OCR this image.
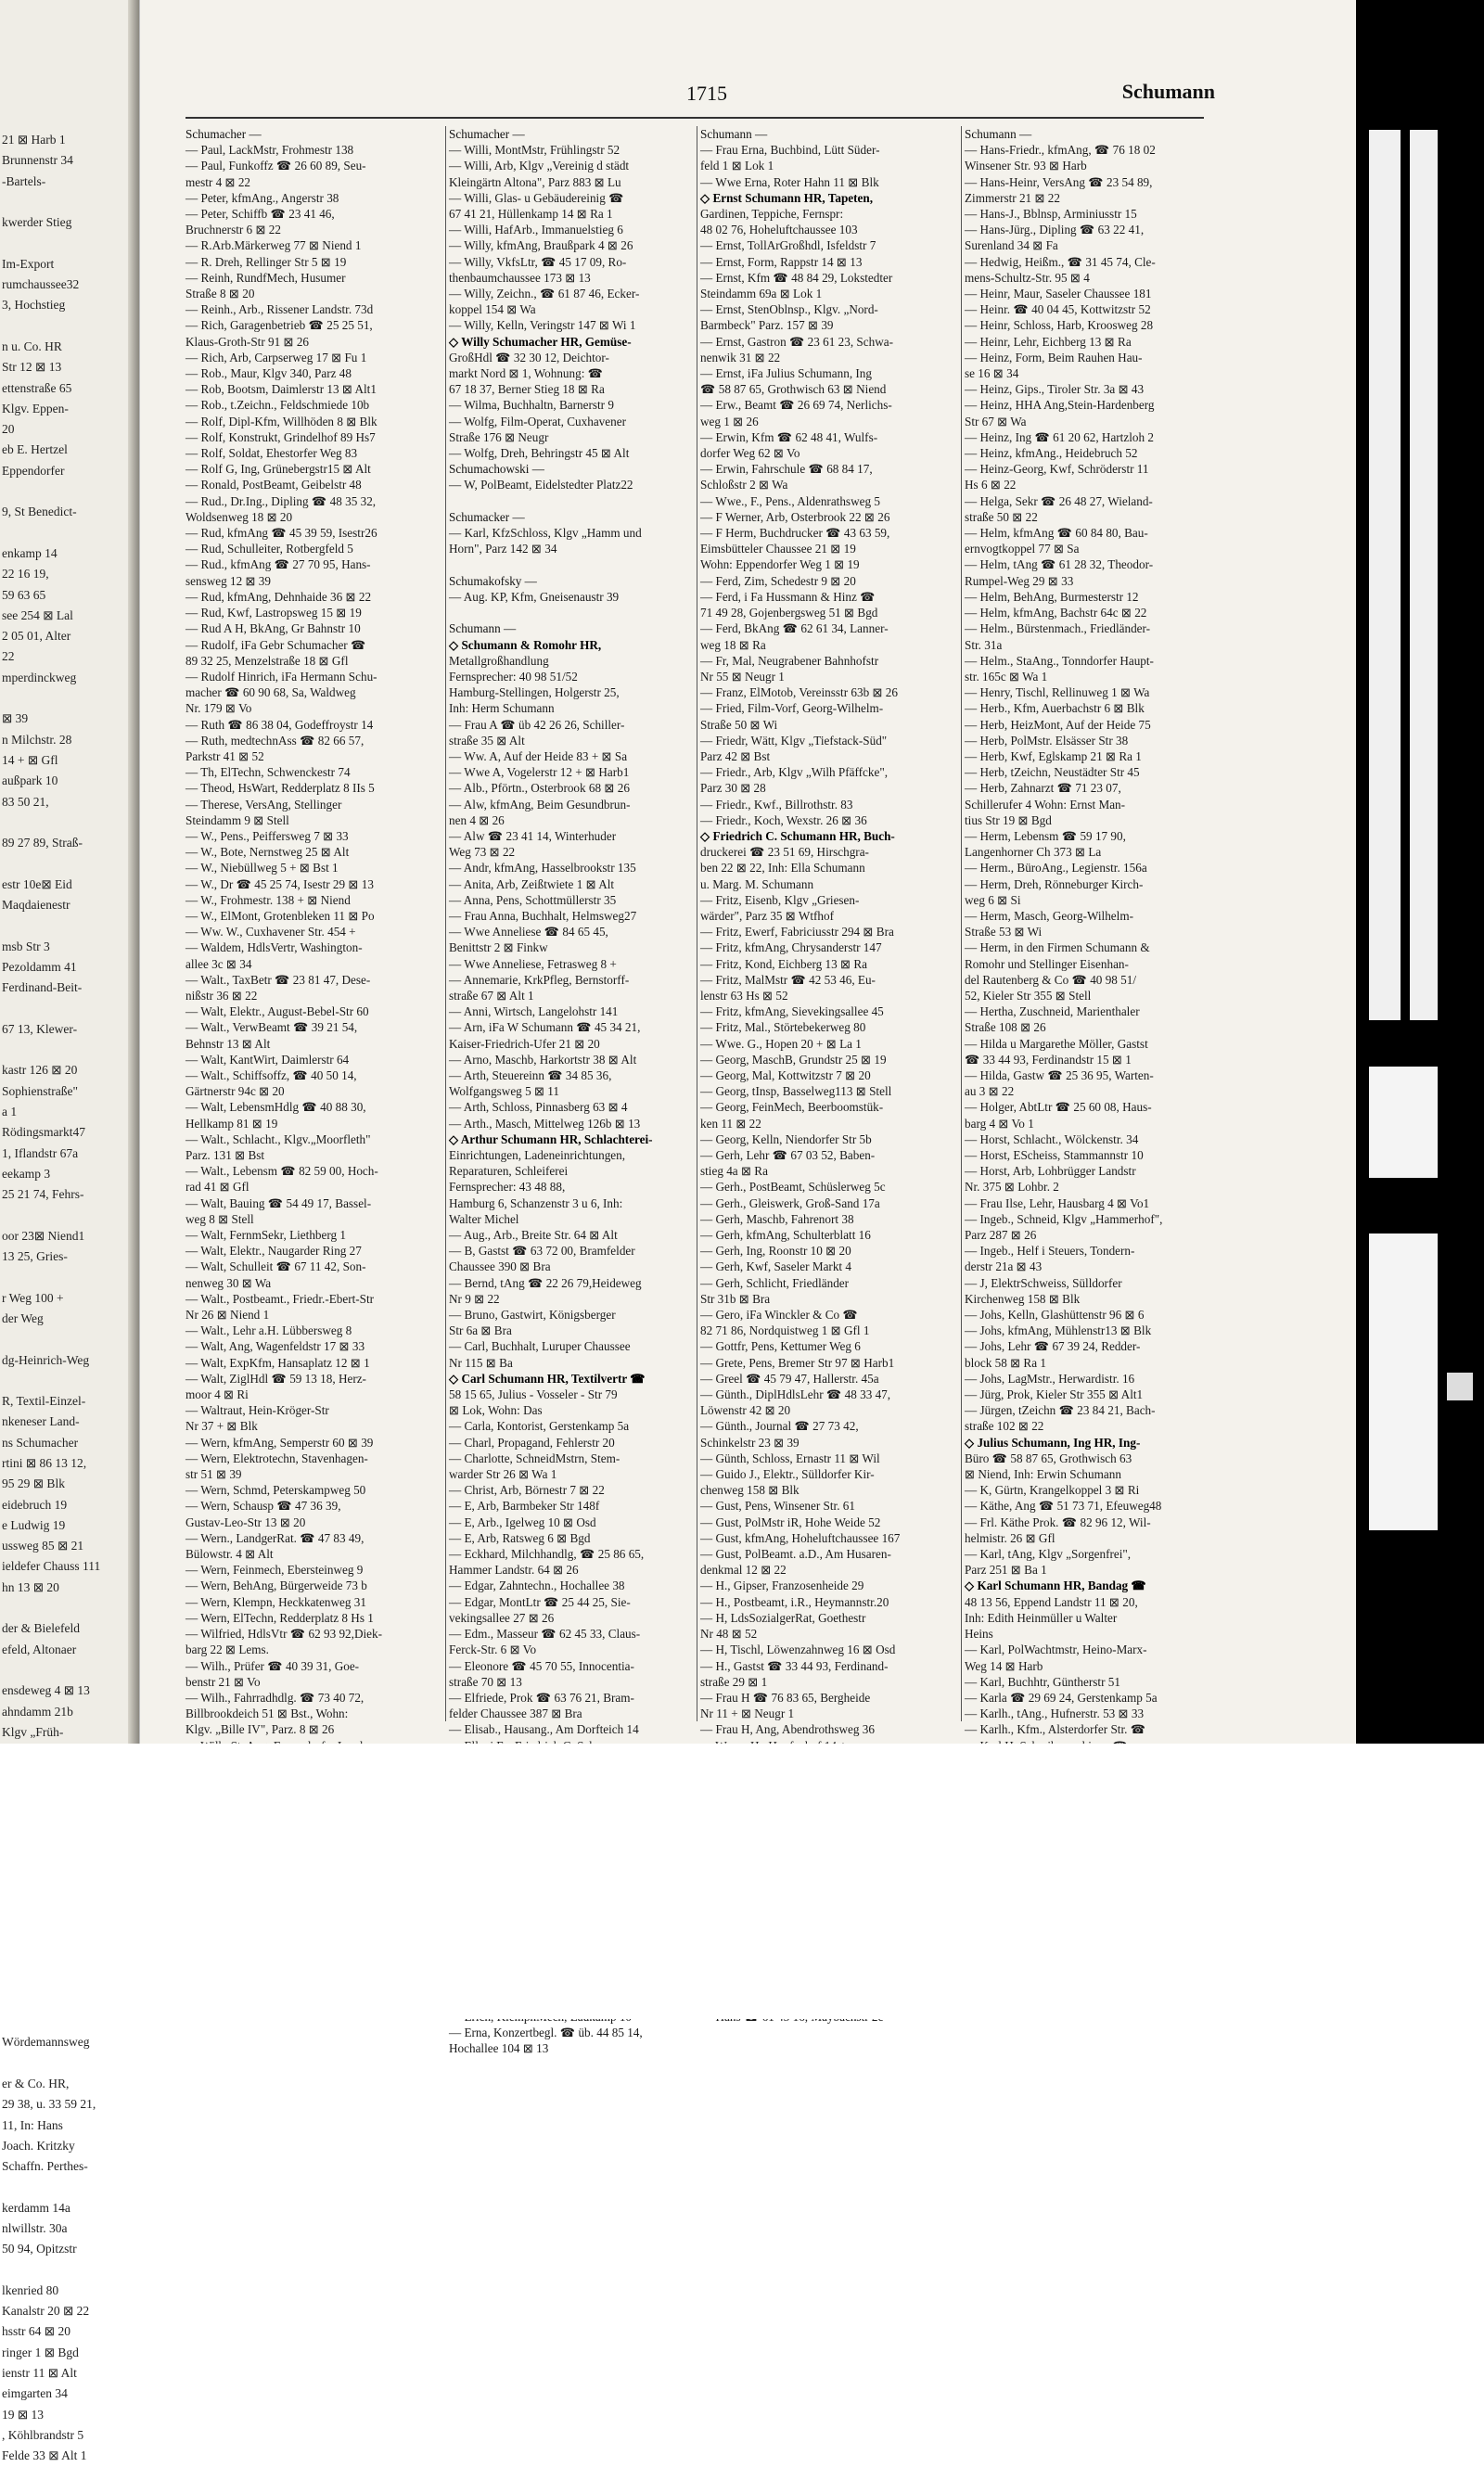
21 ⊠ Harb 1
Brunnenstr 34
-Bartels-

kwerder Stieg

Im-Export
rumchaussee32
3, Hochstieg

n u. Co. HR
Str 12 ⊠ 13
ettenstraße 65
Klgv. Eppen-
20
eb E. Hertzel
Eppendorfer

9, St Benedict-

enkamp 14
22 16 19,
59 63 65
see 254 ⊠ Lal
2 05 01, Alter
22
mperdinckweg

⊠ 39
n Milchstr. 28
14 + ⊠ Gfl
außpark 10
83 50 21,

89 27 89, Straß-

estr 10e⊠ Eid
Maqdaienestr

msb Str 3
Pezoldamm 41
Ferdinand-Beit-

67 13, Klewer-

kastr 126 ⊠ 20
Sophienstraße"
a 1
Rödingsmarkt47
1, Iflandstr 67a
eekamp 3
25 21 74, Fehrs-

oor 23⊠ Niend1
13 25, Gries-

r Weg 100 +
der Weg

dg-Heinrich-Weg

R, Textil-Einzel-
nkeneser Land-
ns Schumacher
rtini ⊠ 86 13 12,
95 29 ⊠ Blk
eidebruch 19
e Ludwig 19
ussweg 85 ⊠ 21
ieldefer Chauss 111
hn 13 ⊠ 20

der & Bielefeld
efeld, Altonaer

ensdeweg 4 ⊠ 13
ahndamm 21b
Klgv „Früh-

Wördemannsweg

er & Co. HR,
29 38, u. 33 59 21,
11, In: Hans
Joach. Kritzky
Schaffn. Perthes-

kerdamm 14a
nlwillstr. 30a
50 94, Opitzstr

lkenried 80
Kanalstr 20 ⊠ 22
hsstr 64 ⊠ 20
ringer 1 ⊠ Bgd
ienstr 11 ⊠ Alt
eimgarten 34
19 ⊠ 13
, Köhlbrandstr 5
Felde 33 ⊠ Alt 1
1715	Schumann
Schumacher —
— Paul, LackMstr, Frohmestr 138
— Paul, Funkoffz ☎ 26 60 89, Seu-
mestr 4 ⊠ 22
— Peter, kfmAng., Angerstr 38
— Peter, Schiffb ☎ 23 41 46,
Bruchnerstr 6 ⊠ 22
— R.Arb.Märkerweg 77 ⊠ Niend 1
— R. Dreh, Rellinger Str 5 ⊠ 19
— Reinh, RundfMech, Husumer
Straße 8 ⊠ 20
— Reinh., Arb., Rissener Landstr. 73d
— Rich, Garagenbetrieb ☎ 25 25 51,
Klaus-Groth-Str 91 ⊠ 26
— Rich, Arb, Carpserweg 17 ⊠ Fu 1
— Rob., Maur, Klgv 340, Parz 48
— Rob, Bootsm, Daimlerstr 13 ⊠ Alt1
— Rob., t.Zeichn., Feldschmiede 10b
— Rolf, Dipl-Kfm, Willhöden 8 ⊠ Blk
— Rolf, Konstrukt, Grindelhof 89 Hs7
— Rolf, Soldat, Ehestorfer Weg 83
— Rolf G, Ing, Grünebergstr15 ⊠ Alt
— Ronald, PostBeamt, Geibelstr 48
— Rud., Dr.Ing., Dipling ☎ 48 35 32,
Woldsenweg 18 ⊠ 20
— Rud, kfmAng ☎ 45 39 59, Isestr26
— Rud, Schulleiter, Rotbergfeld 5
— Rud., kfmAng ☎ 27 70 95, Hans-
sensweg 12 ⊠ 39
— Rud, kfmAng, Dehnhaide 36 ⊠ 22
— Rud, Kwf, Lastropsweg 15 ⊠ 19
— Rud A H, BkAng, Gr Bahnstr 10
— Rudolf, iFa Gebr Schumacher ☎
89 32 25, Menzelstraße 18 ⊠ Gfl
— Rudolf Hinrich, iFa Hermann Schu-
macher ☎ 60 90 68, Sa, Waldweg
Nr. 179 ⊠ Vo
— Ruth ☎ 86 38 04, Godeffroystr 14
— Ruth, medtechnAss ☎ 82 66 57,
Parkstr 41 ⊠ 52
— Th, ElTechn, Schwenckestr 74
— Theod, HsWart, Redderplatz 8 IIs 5
— Therese, VersAng, Stellinger
Steindamm 9 ⊠ Stell
— W., Pens., Peiffersweg 7 ⊠ 33
— W., Bote, Nernstweg 25 ⊠ Alt
— W., Niebüllweg 5 + ⊠ Bst 1
— W., Dr ☎ 45 25 74, Isestr 29 ⊠ 13
— W., Frohmestr. 138 + ⊠ Niend
— W., ElMont, Grotenbleken 11 ⊠ Po
— Ww. W., Cuxhavener Str. 454 +
— Waldem, HdlsVertr, Washington-
allee 3c ⊠ 34
— Walt., TaxBetr ☎ 23 81 47, Dese-
nißstr 36 ⊠ 22
— Walt, Elektr., August-Bebel-Str 60
— Walt., VerwBeamt ☎ 39 21 54,
Behnstr 13 ⊠ Alt
— Walt, KantWirt, Daimlerstr 64
— Walt., Schiffsoffz, ☎ 40 50 14,
Gärtnerstr 94c ⊠ 20
— Walt, LebensmHdlg ☎ 40 88 30,
Hellkamp 81 ⊠ 19
— Walt., Schlacht., Klgv.„Moorfleth"
Parz. 131 ⊠ Bst
— Walt., Lebensm ☎ 82 59 00, Hoch-
rad 41 ⊠ Gfl
— Walt, Bauing ☎ 54 49 17, Bassel-
weg 8 ⊠ Stell
— Walt, FernmSekr, Liethberg 1
— Walt, Elektr., Naugarder Ring 27
— Walt, Schulleit ☎ 67 11 42, Son-
nenweg 30 ⊠ Wa
— Walt., Postbeamt., Friedr.-Ebert-Str
Nr 26 ⊠ Niend 1
— Walt., Lehr a.H. Lübbersweg 8
— Walt, Ang, Wagenfeldstr 17 ⊠ 33
— Walt, ExpKfm, Hansaplatz 12 ⊠ 1
— Walt, ZiglHdl ☎ 59 13 18, Herz-
moor 4 ⊠ Ri
— Waltraut, Hein-Kröger-Str
Nr 37 + ⊠ Blk
— Wern, kfmAng, Semperstr 60 ⊠ 39
— Wern, Elektrotechn, Stavenhagen-
str 51 ⊠ 39
— Wern, Schmd, Peterskampweg 50
— Wern, Schausp ☎ 47 36 39,
Gustav-Leo-Str 13 ⊠ 20
— Wern., LandgerRat. ☎ 47 83 49,
Bülowstr. 4 ⊠ Alt
— Wern, Feinmech, Ebersteinweg 9
— Wern, BehAng, Bürgerweide 73 b
— Wern, Klempn, Heckkatenweg 31
— Wern, ElTechn, Redderplatz 8 Hs 1
— Wilfried, HdlsVtr ☎ 62 93 92,Diek-
barg 22 ⊠ Lems.
— Wilh., Prüfer ☎ 40 39 31, Goe-
benstr 21 ⊠ Vo
— Wilh., Fahrradhdlg. ☎ 73 40 72,
Billbrookdeich 51 ⊠ Bst., Wohn:
Klgv. „Bille IV", Parz. 8 ⊠ 26
Schumacher —
— Willi, MontMstr, Frühlingstr 52
— Willi, Arb, Klgv „Vereinig d städt
Kleingärtn Altona", Parz 883 ⊠ Lu
— Willi, Glas- u Gebäudereinig ☎
67 41 21, Hüllenkamp 14 ⊠ Ra 1
— Willi, HafArb., Immanuelstieg 6
— Willy, kfmAng, Braußpark 4 ⊠ 26
— Willy, VkfsLtr, ☎ 45 17 09, Ro-
thenbaumchaussee 173 ⊠ 13
— Willy, Zeichn., ☎ 61 87 46, Ecker-
koppel 154 ⊠ Wa
— Willy, Kelln, Veringstr 147 ⊠ Wi 1
◇ Willy Schumacher HR, Gemüse-
GroßHdl ☎ 32 30 12, Deichtor-
markt Nord ⊠ 1, Wohnung: ☎
67 18 37, Berner Stieg 18 ⊠ Ra
— Wilma, Buchhaltn, Barnerstr 9
— Wolfg, Film-Operat, Cuxhavener
Straße 176 ⊠ Neugr
— Wolfg, Dreh, Behringstr 45 ⊠ Alt
Schumachowski —
— W, PolBeamt, Eidelstedter Platz22

Schumacker —
— Karl, KfzSchloss, Klgv „Hamm und
Horn", Parz 142 ⊠ 34

Schumakofsky —
— Aug. KP, Kfm, Gneisenaustr 39

Schumann —
◇ Schumann & Romohr HR,
Metallgroßhandlung
Fernsprecher: 40 98 51/52
Hamburg-Stellingen, Holgerstr 25,
Inh: Herm Schumann
— Frau A ☎ üb 42 26 26, Schiller-
straße 35 ⊠ Alt
— Ww. A, Auf der Heide 83 + ⊠ Sa
— Wwe A, Vogelerstr 12 + ⊠ Harb1
— Alb., Pförtn., Osterbrook 68 ⊠ 26
— Alw, kfmAng, Beim Gesundbrun-
nen 4 ⊠ 26
— Alw ☎ 23 41 14, Winterhuder
Weg 73 ⊠ 22
— Andr, kfmAng, Hasselbrookstr 135
— Anita, Arb, Zeißtwiete 1 ⊠ Alt
— Anna, Pens, Schottmüllerstr 35
— Frau Anna, Buchhalt, Helmsweg27
— Wwe Anneliese ☎ 84 65 45,
Benittstr 2 ⊠ Finkw
— Wwe Anneliese, Fetrasweg 8 +
— Annemarie, KrkPfleg, Bernstorff-
straße 67 ⊠ Alt 1
— Anni, Wirtsch, Langelohstr 141
— Arn, iFa W Schumann ☎ 45 34 21,
Kaiser-Friedrich-Ufer 21 ⊠ 20
— Arno, Maschb, Harkortstr 38 ⊠ Alt
— Arth, Steuereinn ☎ 34 85 36,
Wolfgangsweg 5 ⊠ 11
— Arth, Schloss, Pinnasberg 63 ⊠ 4
— Arth., Masch, Mittelweg 126b ⊠ 13
◇ Arthur Schumann HR, Schlachterei-
Einrichtungen, Ladeneinrichtungen,
Reparaturen, Schleiferei
Fernsprecher: 43 48 88,
Hamburg 6, Schanzenstr 3 u 6, Inh:
Walter Michel
— Aug., Arb., Breite Str. 64 ⊠ Alt
— B, Gastst ☎ 63 72 00, Bramfelder
Chaussee 390 ⊠ Bra
— Bernd, tAng ☎ 22 26 79,Heideweg
Nr 9 ⊠ 22
— Bruno, Gastwirt, Königsberger
Str 6a ⊠ Bra
— Carl, Buchhalt, Luruper Chaussee
Nr 115 ⊠ Ba
◇ Carl Schumann HR, Textilvertr ☎
58 15 65, Julius - Vosseler - Str 79
⊠ Lok, Wohn: Das
— Carla, Kontorist, Gerstenkamp 5a
— Charl, Propagand, Fehlerstr 20
— Charlotte, SchneidMstrn, Stem-
warder Str 26 ⊠ Wa 1
— Christ, Arb, Börnestr 7 ⊠ 22
— E, Arb, Barmbeker Str 148f
— E, Arb., Igelweg 10 ⊠ Osd
— E, Arb, Ratsweg 6 ⊠ Bgd
— Eckhard, Milchhandlg, ☎ 25 86 65,
Hammer Landstr. 64 ⊠ 26
— Edgar, Zahntechn., Hochallee 38
— Edgar, MontLtr ☎ 25 44 25, Sie-
vekingsallee 27 ⊠ 26
— Edm., Masseur ☎ 62 45 33, Claus-
Ferck-Str. 6 ⊠ Vo
— Eleonore ☎ 45 70 55, Innocentia-
straße 70 ⊠ 13
— Elfriede, Prok ☎ 63 76 21, Bram-
felder Chaussee 387 ⊠ Bra
— Elisab., Hausang., Am Dorfteich 14
— Erna, Konzertbegl. ☎ üb. 44 85 14,
Hochallee 104 ⊠ 13
Schumann —
— Frau Erna, Buchbind, Lütt Süder-
feld 1 ⊠ Lok 1
— Wwe Erna, Roter Hahn 11 ⊠ Blk
◇ Ernst Schumann HR, Tapeten,
Gardinen, Teppiche, Fernspr:
48 02 76, Hoheluftchaussee 103
— Ernst, TollArGroßhdl, Isfeldstr 7
— Ernst, Form, Rappstr 14 ⊠ 13
— Ernst, Kfm ☎ 48 84 29, Lokstedter
Steindamm 69a ⊠ Lok 1
— Ernst, StenOblnsp., Klgv. „Nord-
Barmbeck" Parz. 157 ⊠ 39
— Ernst, Gastron ☎ 23 61 23, Schwa-
nenwik 31 ⊠ 22
— Ernst, iFa Julius Schumann, Ing
☎ 58 87 65, Grothwisch 63 ⊠ Niend
— Erw., Beamt ☎ 26 69 74, Nerlichs-
weg 1 ⊠ 26
— Erwin, Kfm ☎ 62 48 41, Wulfs-
dorfer Weg 62 ⊠ Vo
— Erwin, Fahrschule ☎ 68 84 17,
Schloßstr 2 ⊠ Wa
— Wwe., F., Pens., Aldenrathsweg 5
— F Werner, Arb, Osterbrook 22 ⊠ 26
— F Herm, Buchdrucker ☎ 43 63 59,
Eimsbütteler Chaussee 21 ⊠ 19
Wohn: Eppendorfer Weg 1 ⊠ 19
— Ferd, Zim, Schedestr 9 ⊠ 20
— Ferd, i Fa Hussmann & Hinz ☎
71 49 28, Gojenbergsweg 51 ⊠ Bgd
— Ferd, BkAng ☎ 62 61 34, Lanner-
weg 18 ⊠ Ra
— Fr, Mal, Neugrabener Bahnhofstr
Nr 55 ⊠ Neugr 1
— Franz, ElMotob, Vereinsstr 63b ⊠ 26
— Fried, Film-Vorf, Georg-Wilhelm-
Straße 50 ⊠ Wi
— Friedr, Wätt, Klgv „Tiefstack-Süd"
Parz 42 ⊠ Bst
— Friedr., Arb, Klgv „Wilh Pfäffcke",
Parz 30 ⊠ 28
— Friedr., Kwf., Billrothstr. 83
— Friedr., Koch, Wexstr. 26 ⊠ 36
◇ Friedrich C. Schumann HR, Buch-
druckerei ☎ 23 51 69, Hirschgra-
ben 22 ⊠ 22, Inh: Ella Schumann
u. Marg. M. Schumann
— Fritz, Eisenb, Klgv „Griesen-
wärder", Parz 35 ⊠ Wtfhof
— Fritz, Ewerf, Fabriciusstr 294 ⊠ Bra
— Fritz, kfmAng, Chrysanderstr 147
— Fritz, Kond, Eichberg 13 ⊠ Ra
— Fritz, MalMstr ☎ 42 53 46, Eu-
lenstr 63 Hs ⊠ 52
— Fritz, kfmAng, Sievekingsallee 45
— Fritz, Mal., Störtebekerweg 80
— Wwe. G., Hopen 20 + ⊠ La 1
— Georg, MaschB, Grundstr 25 ⊠ 19
— Georg, Mal, Kottwitzstr 7 ⊠ 20
— Georg, tInsp, Basselweg113 ⊠ Stell
— Georg, FeinMech, Beerboomstük-
ken 11 ⊠ 22
— Georg, Kelln, Niendorfer Str 5b
— Gerh, Lehr ☎ 67 03 52, Baben-
stieg 4a ⊠ Ra
— Gerh., PostBeamt, Schüslerweg 5c
— Gerh., Gleiswerk, Groß-Sand 17a
— Gerh, Maschb, Fahrenort 38
— Gerh, kfmAng, Schulterblatt 16
— Gerh, Ing, Roonstr 10 ⊠ 20
— Gerh, Kwf, Saseler Markt 4
— Gerh, Schlicht, Friedländer
Str 31b ⊠ Bra
— Gero, iFa Winckler & Co ☎
82 71 86, Nordquistweg 1 ⊠ Gfl 1
— Gottfr, Pens, Kettumer Weg 6
— Grete, Pens, Bremer Str 97 ⊠ Harb1
— Greel ☎ 45 79 47, Hallerstr. 45a
— Günth., DiplHdlsLehr ☎ 48 33 47,
Löwenstr 42 ⊠ 20
— Günth., Journal ☎ 27 73 42,
Schinkelstr 23 ⊠ 39
— Günth, Schloss, Ernastr 11 ⊠ Wil
— Guido J., Elektr., Sülldorfer Kir-
chenweg 158 ⊠ Blk
— Gust, Pens, Winsener Str. 61
— Gust, PolMstr iR, Hohe Weide 52
— Gust, kfmAng, Hoheluftchaussee 167
— Gust, PolBeamt. a.D., Am Husaren-
denkmal 12 ⊠ 22
— H., Gipser, Franzosenheide 29
— H., Postbeamt, i.R., Heymannstr.20
— H, LdsSozialgerRat, Goethestr
Nr 48 ⊠ 52
— H, Tischl, Löwenzahnweg 16 ⊠ Osd
— H., Gastst ☎ 33 44 93, Ferdinand-
straße 29 ⊠ 1
— Frau H ☎ 76 83 65, Bergheide
Nr 11 + ⊠ Neugr 1
— Frau H, Ang, Abendrothsweg 36
Schumann —
— Hans-Friedr., kfmAng, ☎ 76 18 02
Winsener Str. 93 ⊠ Harb
— Hans-Heinr, VersAng ☎ 23 54 89,
Zimmerstr 21 ⊠ 22
— Hans-J., Bblnsp, Arminiusstr 15
— Hans-Jürg., Dipling ☎ 63 22 41,
Surenland 34 ⊠ Fa
— Hedwig, Heißm., ☎ 31 45 74, Cle-
mens-Schultz-Str. 95 ⊠ 4
— Heinr, Maur, Saseler Chaussee 181
— Heinr. ☎ 40 04 45, Kottwitzstr 52
— Heinr, Schloss, Harb, Kroosweg 28
— Heinr, Lehr, Eichberg 13 ⊠ Ra
— Heinz, Form, Beim Rauhen Hau-
se 16 ⊠ 34
— Heinz, Gips., Tiroler Str. 3a ⊠ 43
— Heinz, HHA Ang,Stein-Hardenberg
Str 67 ⊠ Wa
— Heinz, Ing ☎ 61 20 62, Hartzloh 2
— Heinz, kfmAng., Heidebruch 52
— Heinz-Georg, Kwf, Schröderstr 11
Hs 6 ⊠ 22
— Helga, Sekr ☎ 26 48 27, Wieland-
straße 50 ⊠ 22
— Helm, kfmAng ☎ 60 84 80, Bau-
ernvogtkoppel 77 ⊠ Sa
— Helm, tAng ☎ 61 28 32, Theodor-
Rumpel-Weg 29 ⊠ 33
— Helm, BehAng, Burmesterstr 12
— Helm, kfmAng, Bachstr 64c ⊠ 22
— Helm., Bürstenmach., Friedländer-
Str. 31a
— Helm., StaAng., Tonndorfer Haupt-
str. 165c ⊠ Wa 1
— Henry, Tischl, Rellinuweg 1 ⊠ Wa
— Herb., Kfm, Auerbachstr 6 ⊠ Blk
— Herb, HeizMont, Auf der Heide 75
— Herb, PolMstr. Elsässer Str 38
— Herb, Kwf, Eglskamp 21 ⊠ Ra 1
— Herb, tZeichn, Neustädter Str 45
— Herb, Zahnarzt ☎ 71 23 07,
Schillerufer 4 Wohn: Ernst Man-
tius Str 19 ⊠ Bgd
— Herm, Lebensm ☎ 59 17 90,
Langenhorner Ch 373 ⊠ La
— Herm., BüroAng., Legienstr. 156a
— Herm, Dreh, Rönneburger Kirch-
weg 6 ⊠ Si
— Herm, Masch, Georg-Wilhelm-
Straße 53 ⊠ Wi
— Herm, in den Firmen Schumann &
Romohr und Stellinger Eisenhan-
del Rautenberg & Co ☎ 40 98 51/
52, Kieler Str 355 ⊠ Stell
— Hertha, Zuschneid, Marienthaler
Straße 108 ⊠ 26
— Hilda u Margarethe Möller, Gastst
☎ 33 44 93, Ferdinandstr 15 ⊠ 1
— Hilda, Gastw ☎ 25 36 95, Warten-
au 3 ⊠ 22
— Holger, AbtLtr ☎ 25 60 08, Haus-
barg 4 ⊠ Vo 1
— Horst, Schlacht., Wölckenstr. 34
— Horst, EScheiss, Stammannstr 10
— Horst, Arb, Lohbrügger Landstr
Nr. 375 ⊠ Lohbr. 2
— Frau Ilse, Lehr, Hausbarg 4 ⊠ Vo1
— Ingeb., Schneid, Klgv „Hammerhof",
Parz 287 ⊠ 26
— Ingeb., Helf i Steuers, Tondern-
derstr 21a ⊠ 43
— J, ElektrSchweiss, Sülldorfer
Kirchenweg 158 ⊠ Blk
— Johs, Kelln, Glashüttenstr 96 ⊠ 6
— Johs, kfmAng, Mühlenstr13 ⊠ Blk
— Johs, Lehr ☎ 67 39 24, Redder-
block 58 ⊠ Ra 1
— Johs, LagMstr., Herwardistr. 16
— Jürg, Prok, Kieler Str 355 ⊠ Alt1
— Jürgen, tZeichn ☎ 23 84 21, Bach-
straße 102 ⊠ 22
◇ Julius Schumann, Ing HR, Ing-
Büro ☎ 58 87 65, Grothwisch 63
⊠ Niend, Inh: Erwin Schumann
— K, Gürtn, Krangelkoppel 3 ⊠ Ri
— Käthe, Ang ☎ 51 73 71, Efeuweg48
— Frl. Käthe Prok. ☎ 82 96 12, Wil-
helmistr. 26 ⊠ Gfl
— Karl, tAng, Klgv „Sorgenfrei",
Parz 251 ⊠ Ba 1
◇ Karl Schumann HR, Bandag ☎
48 13 56, Eppend Landstr 11 ⊠ 20,
Inh: Edith Heinmüller u Walter
Heins
— Karl, PolWachtmstr, Heino-Marx-
Weg 14 ⊠ Harb
— Karl, Buchhtr, Güntherstr 51
— Karla ☎ 29 69 24, Gerstenkamp 5a
— Karlh., tAng., Hufnerstr. 53 ⊠ 33
— Karlh., Kfm., Alsterdorfer Str. ☎
